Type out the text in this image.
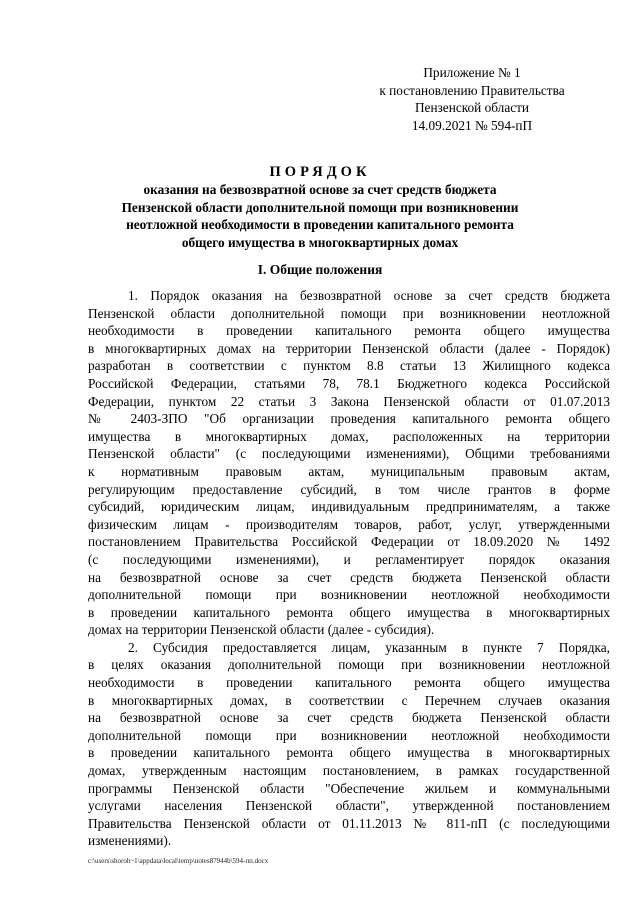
Приложение № 1
к постановлению Правительства
Пензенской области
14.09.2021 № 594-пП
ПОРЯДОК
оказания на безвозвратной основе за счет средств бюджета
Пензенской области дополнительной помощи при возникновении
неотложной необходимости в проведении капитального ремонта
общего имущества в многоквартирных домах
I. Общие положения
1. Порядок оказания на безвозвратной основе за счет средств бюджета
Пензенской области дополнительной помощи при возникновении неотложной
необходимости в проведении капитального ремонта общего имущества
в многоквартирных домах на территории Пензенской области (далее - Порядок)
разработан в соответствии с пунктом 8.8 статьи 13 Жилищного кодекса
Российской Федерации, статьями 78, 78.1 Бюджетного кодекса Российской
Федерации, пунктом 22 статьи 3 Закона Пензенской области от 01.07.2013
№ 2403-ЗПО "Об организации проведения капитального ремонта общего
имущества в многоквартирных домах, расположенных на территории
Пензенской области" (с последующими изменениями), Общими требованиями
к нормативным правовым актам, муниципальным правовым актам,
регулирующим предоставление субсидий, в том числе грантов в форме
субсидий, юридическим лицам, индивидуальным предпринимателям, а также
физическим лицам - производителям товаров, работ, услуг, утвержденными
постановлением Правительства Российской Федерации от 18.09.2020 № 1492
(с последующими изменениями), и регламентирует порядок оказания
на безвозвратной основе за счет средств бюджета Пензенской области
дополнительной помощи при возникновении неотложной необходимости
в проведении капитального ремонта общего имущества в многоквартирных
домах на территории Пензенской области (далее - субсидия).
2. Субсидия предоставляется лицам, указанным в пункте 7 Порядка,
в целях оказания дополнительной помощи при возникновении неотложной
необходимости в проведении капитального ремонта общего имущества
в многоквартирных домах, в соответствии с Перечнем случаев оказания
на безвозвратной основе за счет средств бюджета Пензенской области
дополнительной помощи при возникновении неотложной необходимости
в проведении капитального ремонта общего имущества в многоквартирных
домах, утвержденным настоящим постановлением, в рамках государственной
программы Пензенской области "Обеспечение жильем и коммунальными
услугами населения Пензенской области", утвержденной постановлением
Правительства Пензенской области от 01.11.2013 № 811-пП (с последующими
изменениями).
c:\users\shoroh~1\appdata\local\temp\notes87944b\594-пп.docx
